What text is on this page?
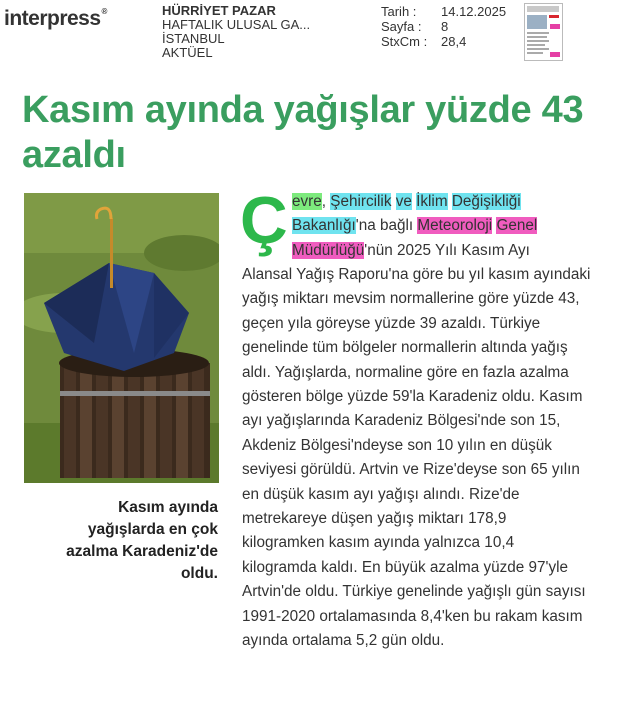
interpress®	HÜRRİYET PAZAR
HAFTALIK ULUSAL GA...
İSTANBUL
AKTÜEL
Tarih :	14.12.2025
Sayfa :	8
StxCm :	28,4
Kasım ayında yağışlar yüzde 43 azaldı
Kasım ayında yağışlarda en çok azalma Karadeniz'de oldu.
Ç evre, Şehircilik ve İklim Değişikliği Bakanlığı'na bağlı Meteoroloji Genel Müdürlüğü'nün 2025 Yılı Kasım Ayı

Alansal Yağış Raporu'na göre bu yıl kasım ayındaki yağış miktarı mevsim normallerine göre yüzde 43, geçen yıla göreyse yüzde 39 azaldı. Türkiye genelinde tüm bölgeler normallerin altında yağış aldı. Yağışlarda, normaline göre en fazla azalma gösteren bölge yüzde 59'la Karadeniz oldu. Kasım ayı yağışlarında Karadeniz Bölgesi'nde son 15, Akdeniz Bölgesi'ndeyse son 10 yılın en düşük seviyesi görüldü. Artvin ve Rize'deyse son 65 yılın en düşük kasım ayı yağışı alındı. Rize'de metrekareye düşen yağış miktarı 178,9 kilogramken kasım ayında yalnızca 10,4 kilogramda kaldı. En büyük azalma yüzde 97'yle Artvin'de oldu. Türkiye genelinde yağışlı gün sayısı 1991-2020 ortalamasında 8,4'ken bu rakam kasım ayında ortalama 5,2 gün oldu.
